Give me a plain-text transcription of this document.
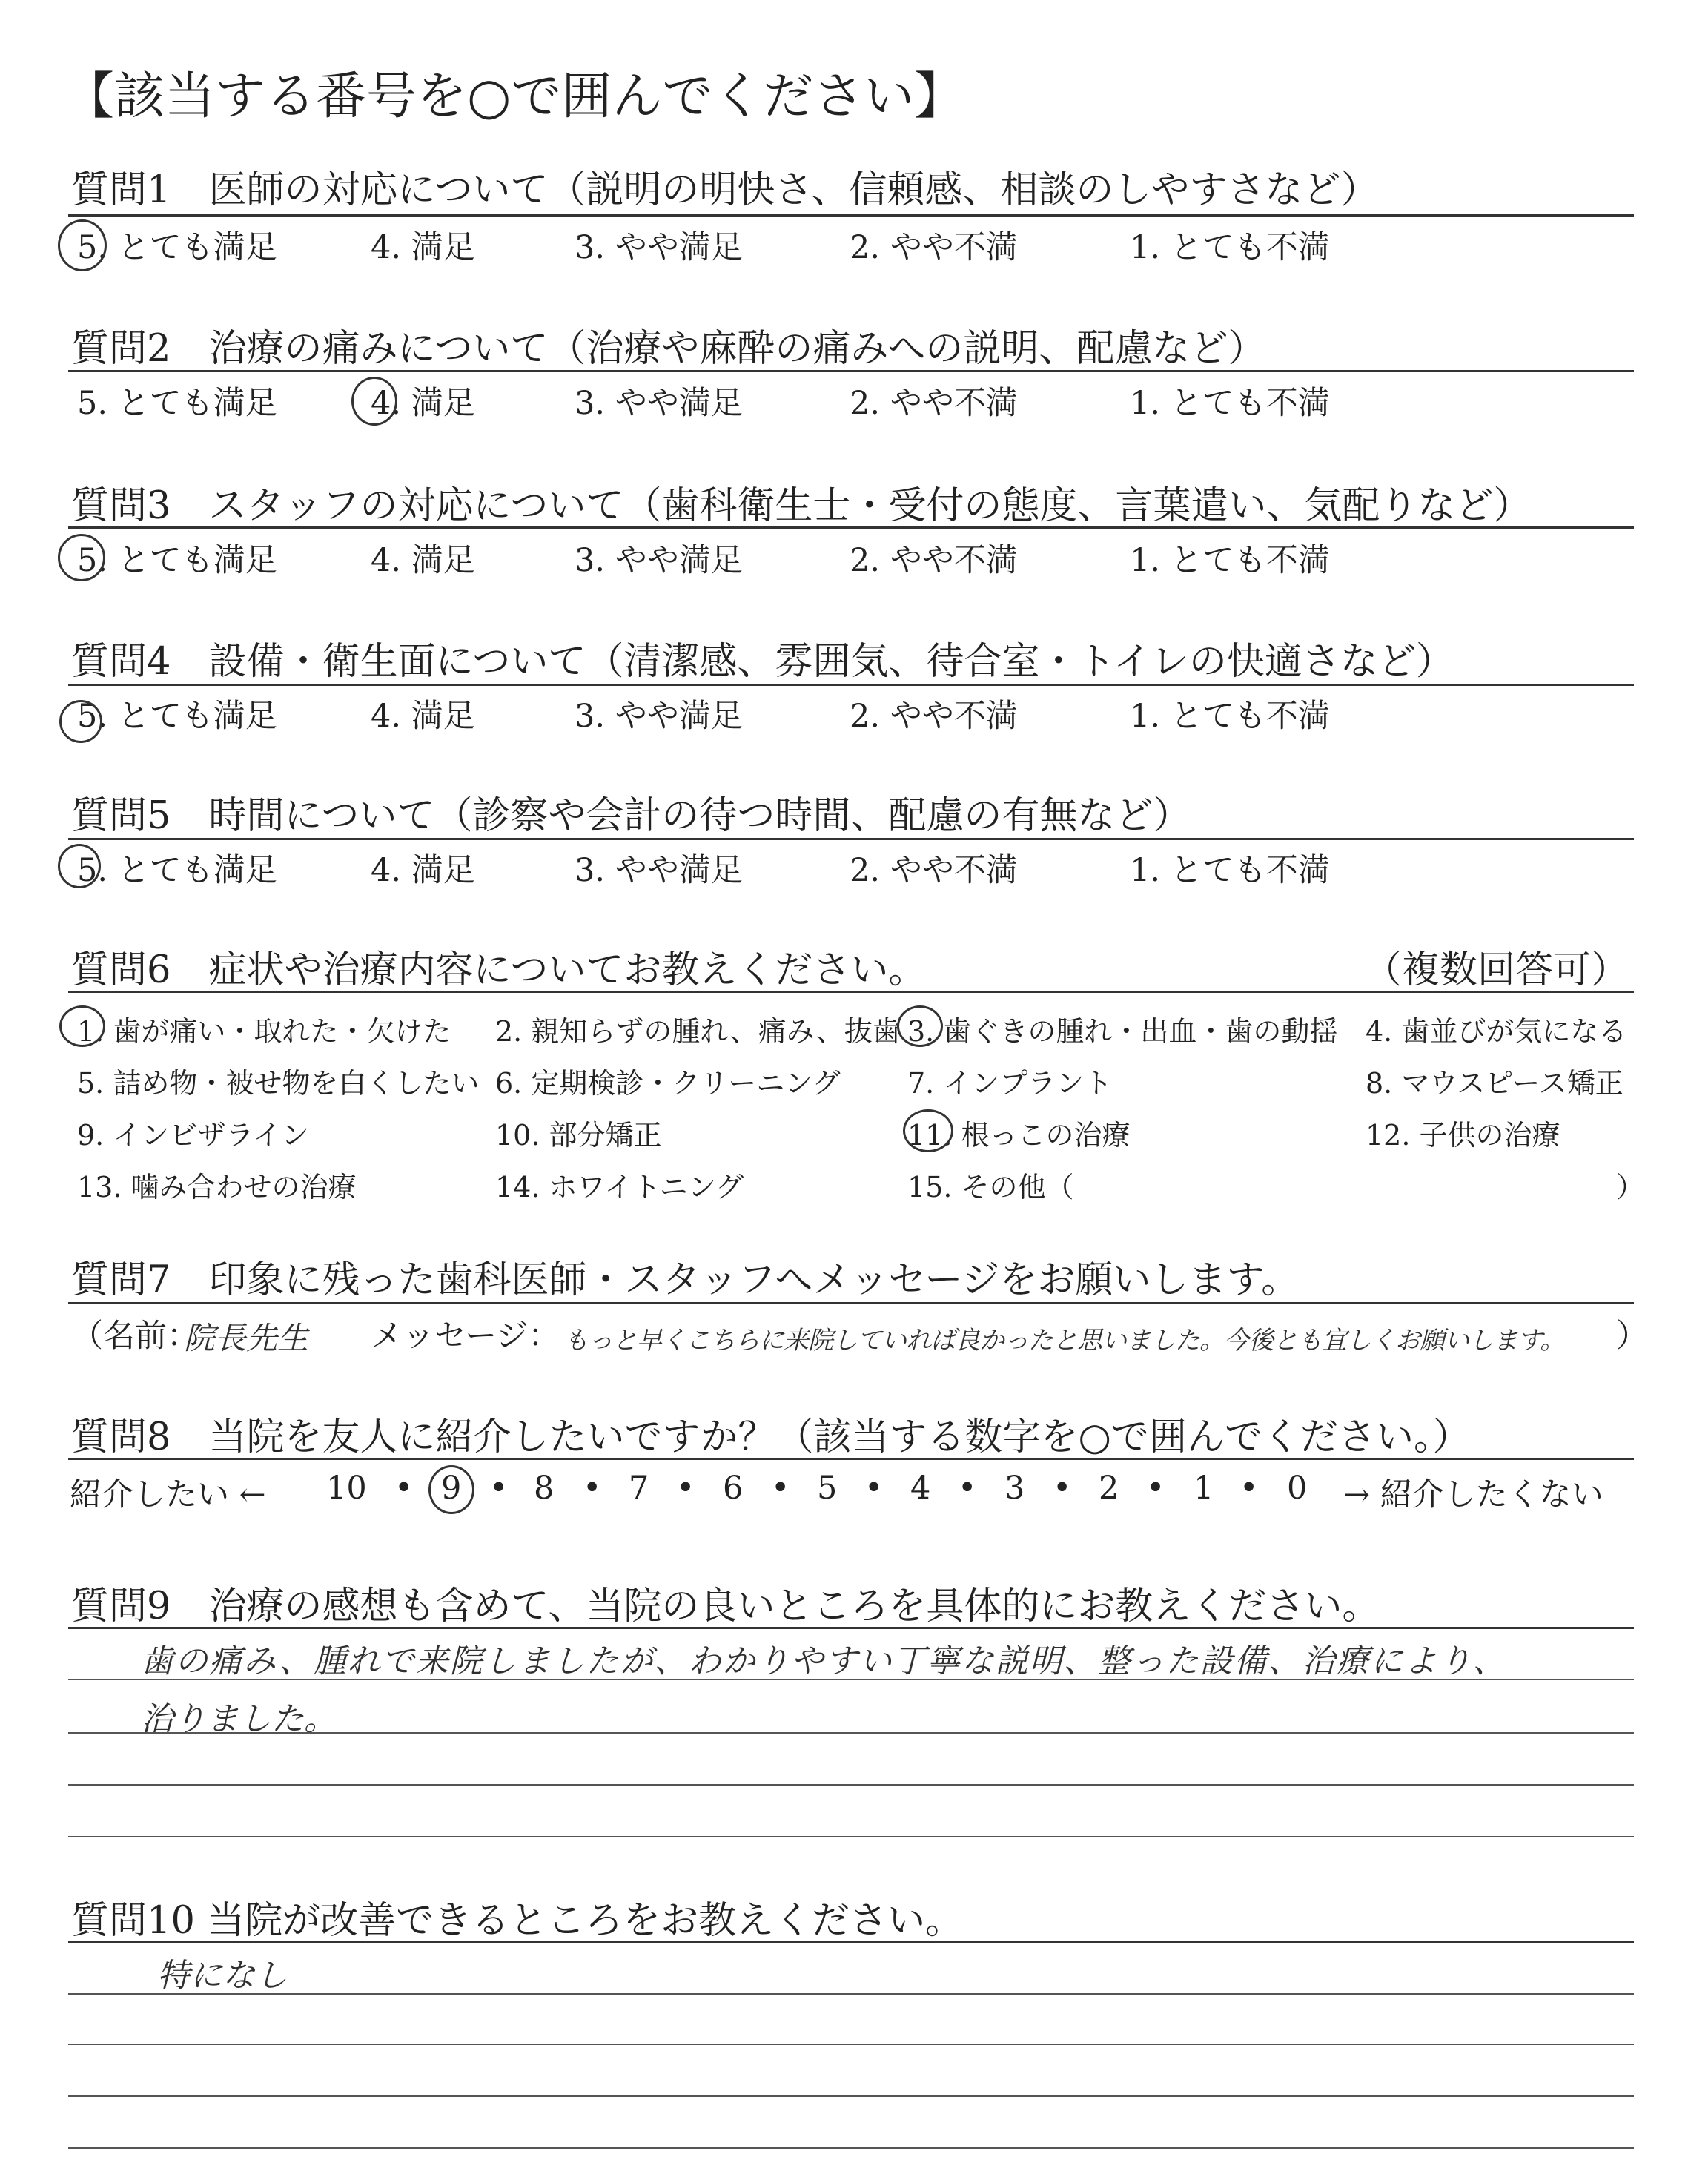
【該当する番号を○で囲んでください】
質問1　医師の対応について（説明の明快さ、信頼感、相談のしやすさなど）
5. とても満足	4. 満足	3. やや満足	2. やや不満	1. とても不満
質問2　治療の痛みについて（治療や麻酔の痛みへの説明、配慮など）
5. とても満足	4. 満足	3. やや満足	2. やや不満	1. とても不満
質問3　スタッフの対応について（歯科衛生士・受付の態度、言葉遣い、気配りなど）
5. とても満足	4. 満足	3. やや満足	2. やや不満	1. とても不満
質問4　設備・衛生面について（清潔感、雰囲気、待合室・トイレの快適さなど）
5. とても満足	4. 満足	3. やや満足	2. やや不満	1. とても不満
質問5　時間について（診察や会計の待つ時間、配慮の有無など）
5. とても満足	4. 満足	3. やや満足	2. やや不満	1. とても不満
質問6　症状や治療内容についてお教えください。	（複数回答可）
1. 歯が痛い・取れた・欠けた 2. 親知らずの腫れ、痛み、抜歯 3. 歯ぐきの腫れ・出血・歯の動揺 4. 歯並びが気になる
5. 詰め物・被せ物を白くしたい 6. 定期検診・クリーニング 7. インプラント	8. マウスピース矯正
9. インビザライン	10. 部分矯正	11. 根っこの治療	12. 子供の治療
13. 噛み合わせの治療	14. ホワイトニング	15. その他（	）
質問7　印象に残った歯科医師・スタッフへメッセージをお願いします。
（名前：
院長先生 メッセージ： もっと早くこちらに来院していれば良かったと思いました。今後とも宜しくお願いします。 ）
質問8　当院を友人に紹介したいですか？（該当する数字を○で囲んでください。）
紹介したい ← 10 9 8 7 6 5 4 3 2 1 0 → 紹介したくない
• • • • • • • • • •
質問9　治療の感想も含めて、当院の良いところを具体的にお教えください。
歯の痛み、腫れで来院しましたが、わかりやすい丁寧な説明、整った設備、治療により、
治りました。
質問10 当院が改善できるところをお教えください。
特になし
